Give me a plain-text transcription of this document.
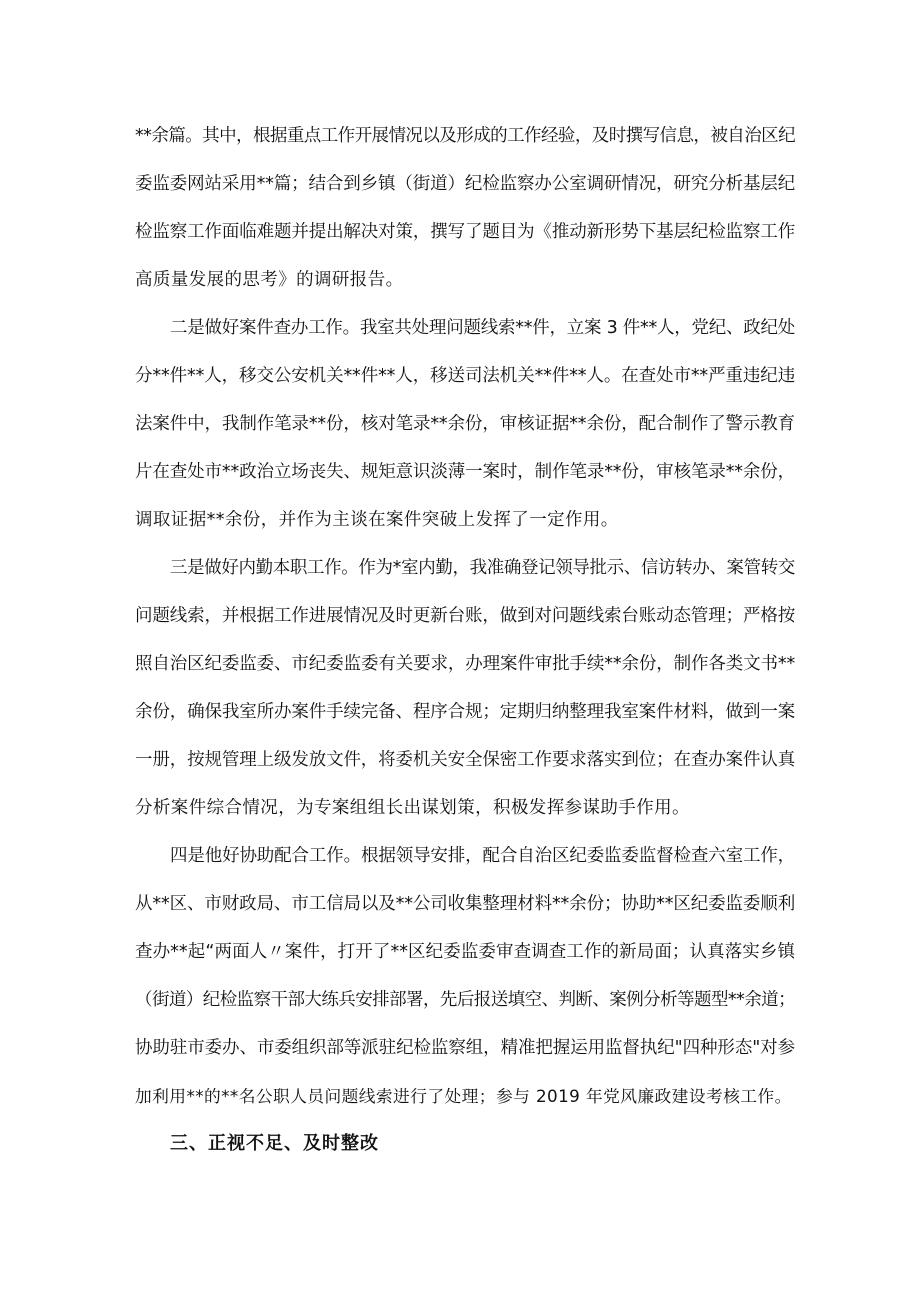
**余篇。其中，根据重点工作开展情况以及形成的工作经验，及时撰写信息，被自治区纪
委监委网站采用**篇；结合到乡镇（街道）纪检监察办公室调研情况，研究分析基层纪
检监察工作面临难题并提出解决对策，撰写了题目为《推动新形势下基层纪检监察工作
高质量发展的思考》的调研报告。
二是做好案件查办工作。我室共处理问题线索**件，立案 3 件**人，党纪、政纪处
分**件**人，移交公安机关**件**人，移送司法机关**件**人。在查处市**严重违纪违
法案件中，我制作笔录**份，核对笔录**余份，审核证据**余份，配合制作了警示教育
片在查处市**政治立场丧失、规矩意识淡薄一案时，制作笔录**份，审核笔录**余份，
调取证据**余份，并作为主谈在案件突破上发挥了一定作用。
三是做好内勤本职工作。作为*室内勤，我准确登记领导批示、信访转办、案管转交
问题线索，并根据工作进展情况及时更新台账，做到对问题线索台账动态管理；严格按
照自治区纪委监委、市纪委监委有关要求，办理案件审批手续**余份，制作各类文书**
余份，确保我室所办案件手续完备、程序合规；定期归纳整理我室案件材料，做到一案
一册，按规管理上级发放文件，将委机关安全保密工作要求落实到位；在查办案件认真
分析案件综合情况，为专案组组长出谋划策，积极发挥参谋助手作用。
四是他好协助配合工作。根据领导安排，配合自治区纪委监委监督检查六室工作，
从**区、市财政局、市工信局以及**公司收集整理材料**余份；协助**区纪委监委顺利
查办**起“两面人〃案件，打开了**区纪委监委审查调查工作的新局面；认真落实乡镇
（街道）纪检监察干部大练兵安排部署，先后报送填空、判断、案例分析等题型**余道；
协助驻市委办、市委组织部等派驻纪检监察组，精准把握运用监督执纪"四种形态"对参
加利用**的**名公职人员问题线索进行了处理；参与 2019 年党风廉政建设考核工作。
三、正视不足、及时整改
